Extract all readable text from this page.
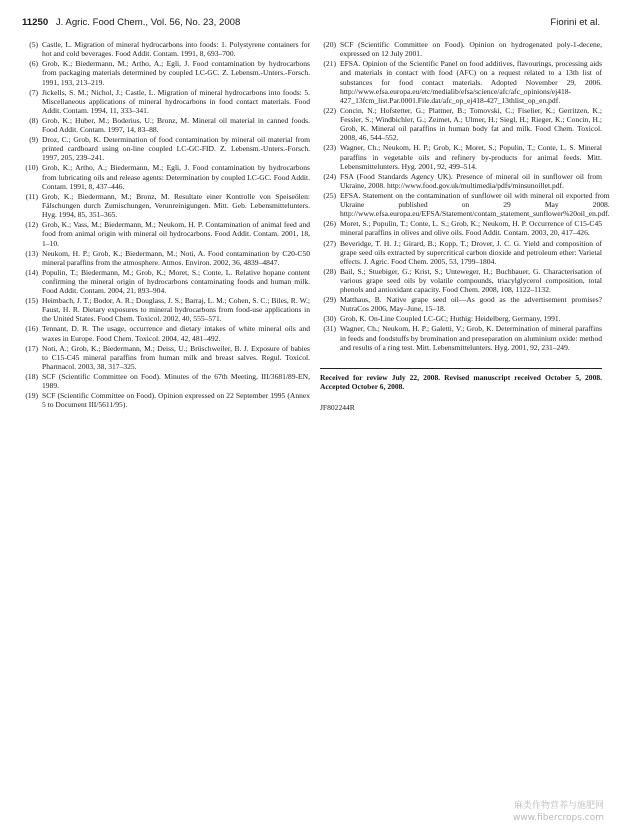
11250 J. Agric. Food Chem., Vol. 56, No. 23, 2008	Fiorini et al.
(5) Castle, L. Migration of mineral hydrocarbons into foods: 1. Polystyrene containers for hot and cold beverages. Food Addit. Contam. 1991, 8, 693–700.
(6) Grob, K.; Biedermann, M.; Artho, A.; Egli, J. Food contamination by hydrocarbons from packaging materials determined by coupled LC-GC. Z. Lebensm.-Unters.-Forsch. 1991, 193, 213–219.
(7) Jickells, S. M.; Nichol, J.; Castle, L. Migration of mineral hydrocarbons into foods: 5. Miscellaneous applications of mineral hydrocarbons in food contact materials. Food Addit. Contam. 1994, 11, 333–341.
(8) Grob, K.; Huber, M.; Boderius, U.; Bronz, M. Mineral oil material in canned foods. Food Addit. Contam. 1997, 14, 83–88.
(9) Droz, C.; Grob, K. Determination of food contamination by mineral oil material from printed cardboard using on-line coupled LC-GC-FID. Z. Lebensm.-Unters.-Forsch. 1997, 205, 239–241.
(10) Grob, K.; Artho, A.; Biedermann, M.; Egli, J. Food contamination by hydrocarbons from lubricating oils and release agents: Determination by coupled LC-GC. Food Addit. Contam. 1991, 8, 437–446.
(11) Grob, K.; Biedermann, M.; Bronz, M. Resultate einer Kontrolle von Speiseölen: Fälschungen durch Zumischungen, Verunreinigungen. Mitt. Geb. Lebensmittelunters. Hyg. 1994, 85, 351–365.
(12) Grob, K.; Vass, M.; Biedermann, M.; Neukom, H. P. Contamination of animal feed and food from animal origin with mineral oil hydrocarbons. Food Addit. Contam. 2001, 18, 1–10.
(13) Neukom, H. P.; Grob, K.; Biedermann, M.; Noti, A. Food contamination by C20-C50 mineral paraffins from the atmosphere. Atmos. Environ. 2002, 36, 4839–4847.
(14) Populin, T.; Biedermann, M.; Grob, K.; Moret, S.; Conte, L. Relative hopane content confirming the mineral origin of hydrocarbons contaminating foods and human milk. Food Addit. Contam. 2004, 21, 893–904.
(15) Heimbach, J. T.; Bodor, A. R.; Douglass, J. S.; Barraj, L. M.; Cohen, S. C.; Biles, R. W.; Faust, H. R. Dietary exposures to mineral hydrocarbons from food-use applications in the United States. Food Chem. Toxicol. 2002, 40, 555–571.
(16) Tennant, D. R. The usage, occurrence and dietary intakes of white mineral oils and waxes in Europe. Food Chem. Toxicol. 2004, 42, 481–492.
(17) Noti, A.; Grob, K.; Biedermann, M.; Deiss, U.; Brüschweiler, B. J. Exposure of babies to C15-C45 mineral paraffins from human milk and breast salves. Regul. Toxicol. Pharmacol. 2003, 38, 317–325.
(18) SCF (Scientific Committee on Food). Minutes of the 67th Meeting, III/3681/89-EN, 1989.
(19) SCF (Scientific Committee on Food). Opinion expressed on 22 September 1995 (Annex 5 to Document III/5611/95).
(20) SCF (Scientific Committee on Food). Opinion on hydrogenated poly-1-decene, expressed on 12 July 2001.
(21) EFSA. Opinion of the Scientific Panel on food additives, flavourings, processing aids and materials in contact with food (AFC) on a request related to a 13th list of substances for food contact materials. Adopted November 29, 2006. http://www.efsa.europa.eu/etc/medialib/efsa/science/afc/afc_opinions/ej418-427_13fcm_list.Par.0001.File.dat/afc_op_ej418-427_13thlist_op_en.pdf.
(22) Concin, N.; Hofstetter, G.; Plattner, B.; Tomovski, C.; Fiselier, K.; Gerritzen, K.; Fessler, S.; Windbichler, G.; Zeimet, A.; Ulmer, H.; Siegl, H.; Rieger, K.; Concin, H.; Grob, K. Mineral oil paraffins in human body fat and milk. Food Chem. Toxicol. 2008, 46, 544–552.
(23) Wagner, Ch.; Neukom, H. P.; Grob, K.; Moret, S.; Populin, T.; Conte, L. S. Mineral paraffins in vegetable oils and refinery by-products for animal feeds. Mitt. Lebensmittelunters. Hyg. 2001, 92, 499–514.
(24) FSA (Food Standards Agency UK). Presence of mineral oil in sunflower oil from Ukraine, 2008. http://www.food.gov.uk/multimedia/pdfs/minsunoillet.pdf.
(25) EFSA. Statement on the contamination of sunflower oil with mineral oil exported from Ukraine published on 29 May 2008. http://www.efsa.europa.eu/EFSA/Statement/contam_statement_sunflower%20oil_en.pdf.
(26) Moret, S.; Populin, T.; Conte, L. S.; Grob, K.; Neukom, H. P. Occurrence of C15-C45 mineral paraffins in olives and olive oils. Food Addit. Contam. 2003, 20, 417–426.
(27) Beveridge, T. H. J.; Girard, B.; Kopp, T.; Drover, J. C. G. Yield and composition of grape seed oils extracted by supercritical carbon dioxide and petroleum ether: Varietal effects. J. Agric. Food Chem. 2005, 53, 1799–1804.
(28) Bail, S.; Stuebiger, G.; Krist, S.; Unteweger, H.; Buchbauer, G. Characterisation of various grape seed oils by volatile compounds, triacylglycerol composition, total phenols and antioxidant capacity. Food Chem. 2008, 108, 1122–1132.
(29) Matthaus, B. Native grape seed oil—As good as the advertisement promises? NutraCos 2006, May–June, 15–18.
(30) Grob, K. On-Line Coupled LC-GC; Huthig: Heidelberg, Germany, 1991.
(31) Wagner, Ch.; Neukom, H. P.; Galetti, V.; Grob, K. Determination of mineral paraffins in feeds and foodstuffs by bromination and preseparation on aluminium oxide: method and results of a ring test. Mitt. Lebensmittelunters. Hyg. 2001, 92, 231–249.
Received for review July 22, 2008. Revised manuscript received October 5, 2008. Accepted October 6, 2008.
JF802244R
麻类作物营养与施肥网
www.fibercrops.com
